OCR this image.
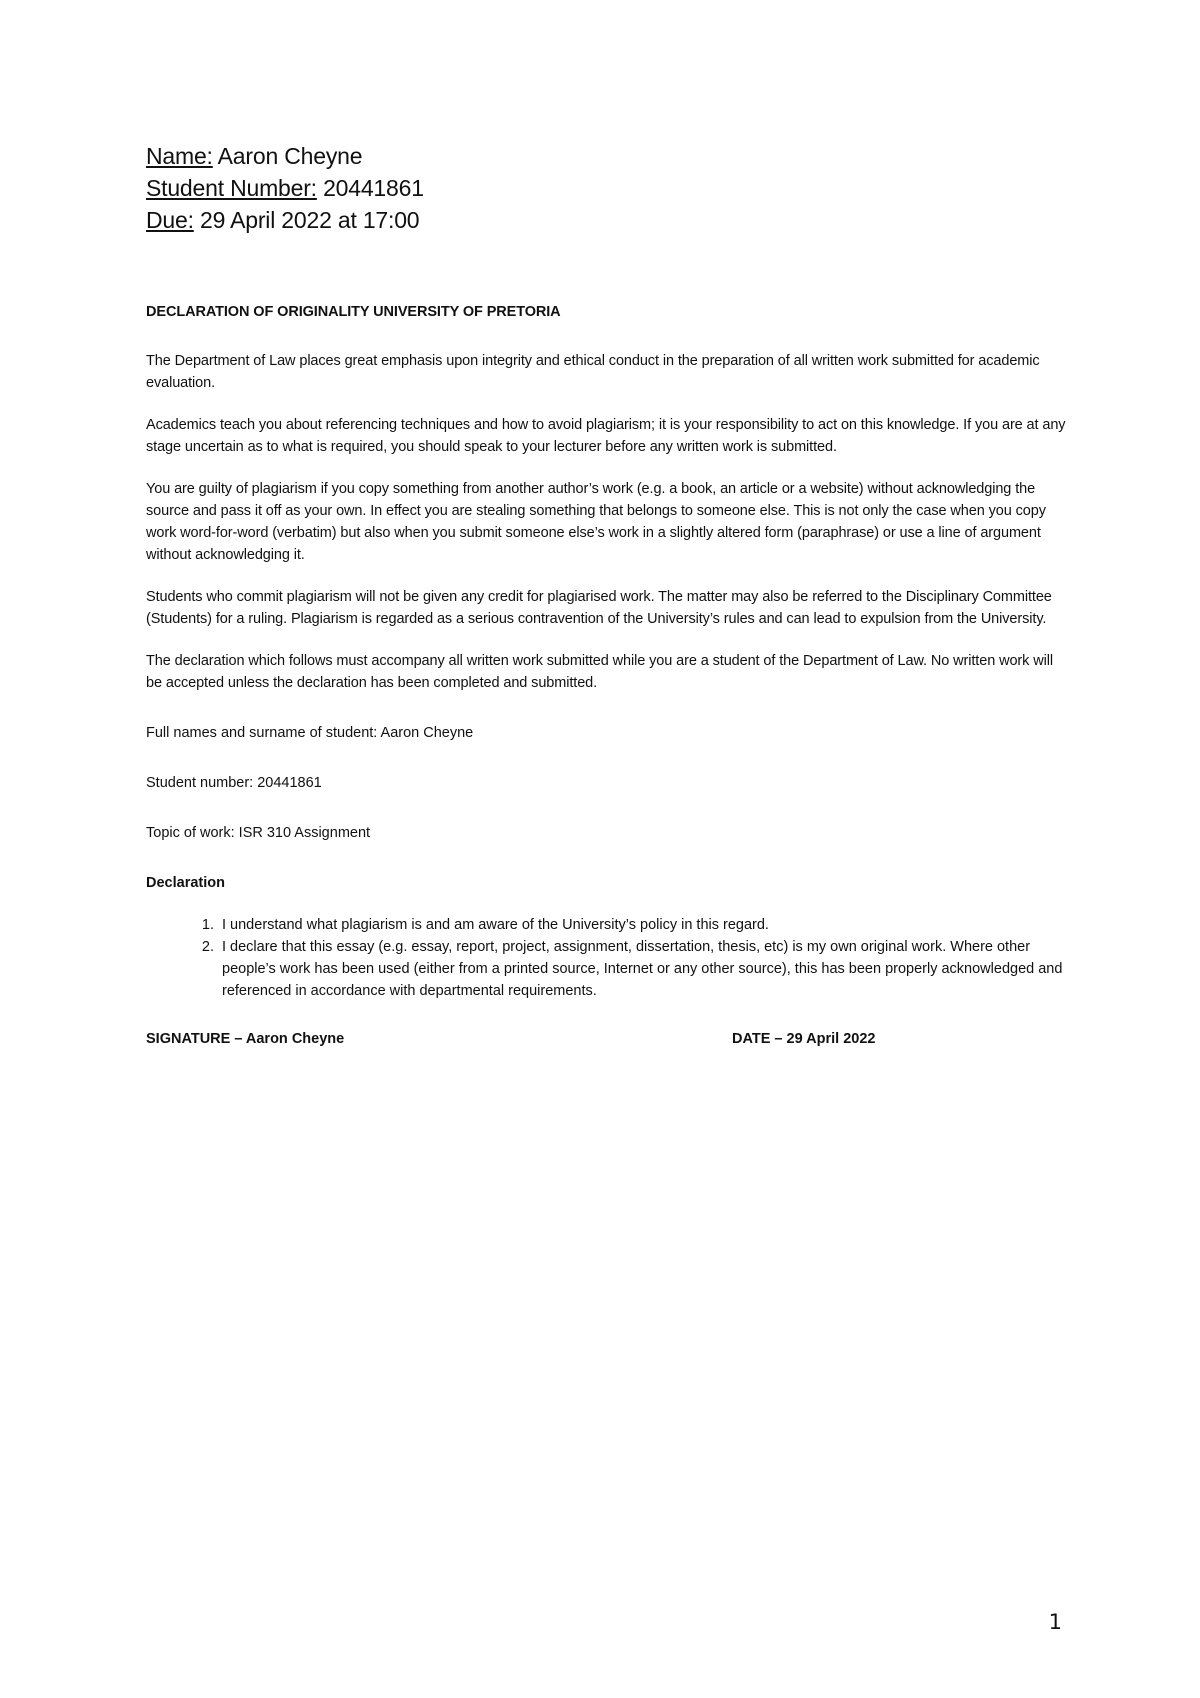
Name: Aaron Cheyne
Student Number: 20441861
Due: 29 April 2022 at 17:00
DECLARATION OF ORIGINALITY UNIVERSITY OF PRETORIA

The Department of Law places great emphasis upon integrity and ethical conduct in the preparation of all written work submitted for academic evaluation.

Academics teach you about referencing techniques and how to avoid plagiarism; it is your responsibility to act on this knowledge. If you are at any stage uncertain as to what is required, you should speak to your lecturer before any written work is submitted.

You are guilty of plagiarism if you copy something from another author’s work (e.g. a book, an article or a website) without acknowledging the source and pass it off as your own. In effect you are stealing something that belongs to someone else. This is not only the case when you copy work word-for-word (verbatim) but also when you submit someone else’s work in a slightly altered form (paraphrase) or use a line of argument without acknowledging it.

Students who commit plagiarism will not be given any credit for plagiarised work. The matter may also be referred to the Disciplinary Committee (Students) for a ruling. Plagiarism is regarded as a serious contravention of the University’s rules and can lead to expulsion from the University.

The declaration which follows must accompany all written work submitted while you are a student of the Department of Law. No written work will be accepted unless the declaration has been completed and submitted.

Full names and surname of student: Aaron Cheyne
Student number: 20441861
Topic of work: ISR 310 Assignment
Declaration
1. I understand what plagiarism is and am aware of the University’s policy in this regard.
2. I declare that this essay (e.g. essay, report, project, assignment, dissertation, thesis, etc) is my own original work. Where other people’s work has been used (either from a printed source, Internet or any other source), this has been properly acknowledged and referenced in accordance with departmental requirements.
SIGNATURE – Aaron Cheyne	DATE – 29 April 2022
1
